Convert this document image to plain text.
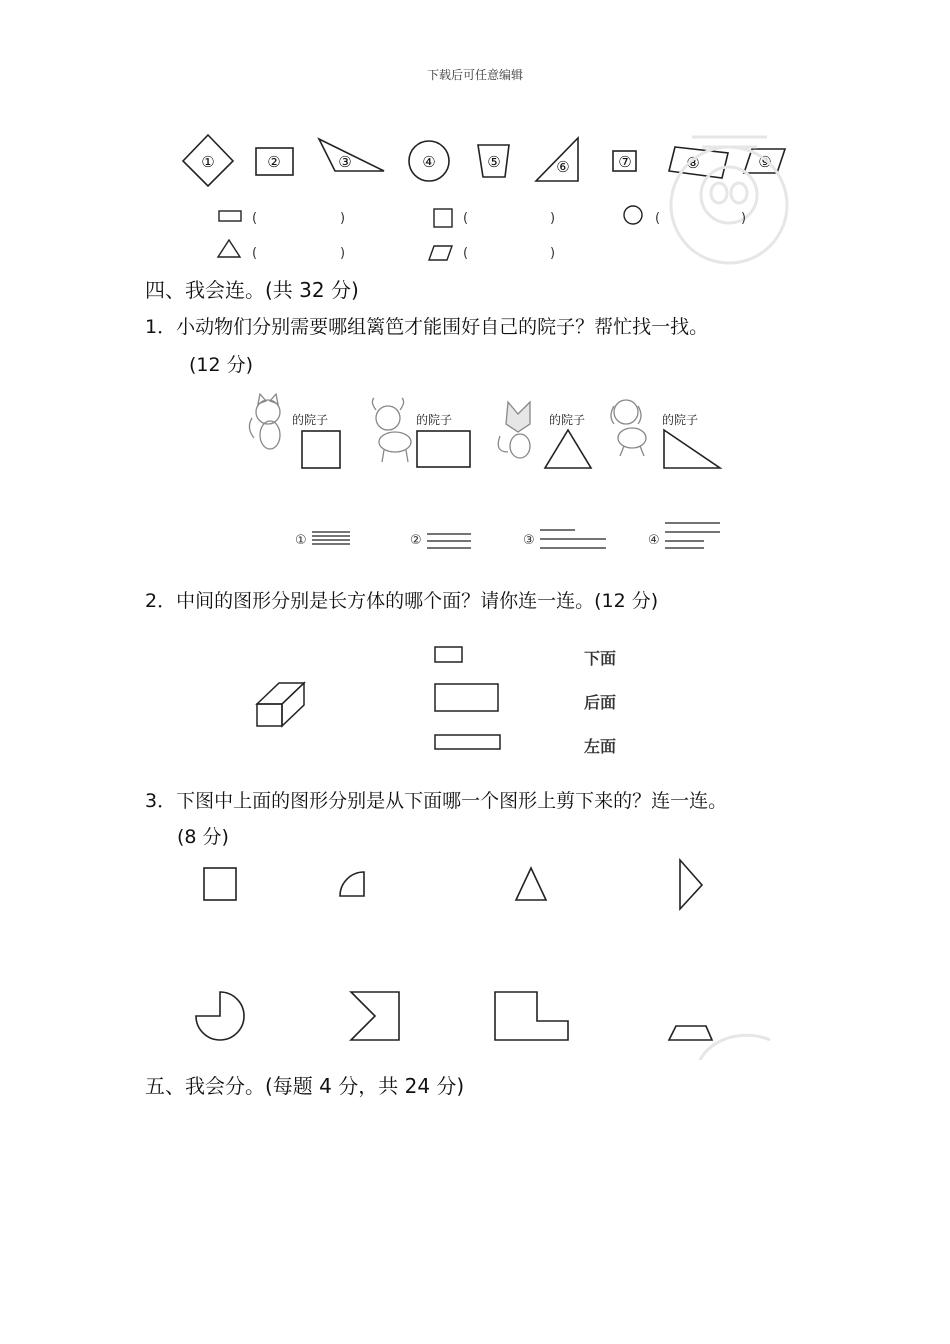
下载后可任意编辑
①	②	③	④	⑤	⑥	⑦	⑧	⑨
(	)	(	)	(	)
(	)	(	)
四、我会连。(共 32 分)
1．小动物们分别需要哪组篱笆才能围好自己的院子？帮忙找一找。
(12 分)
的院子	的院子	的院子	的院子
①	②	③	④
2．中间的图形分别是长方体的哪个面？请你连一连。(12 分)
下面
后面
左面
3．下图中上面的图形分别是从下面哪一个图形上剪下来的？连一连。
(8 分)
五、我会分。(每题 4 分，共 24 分)
